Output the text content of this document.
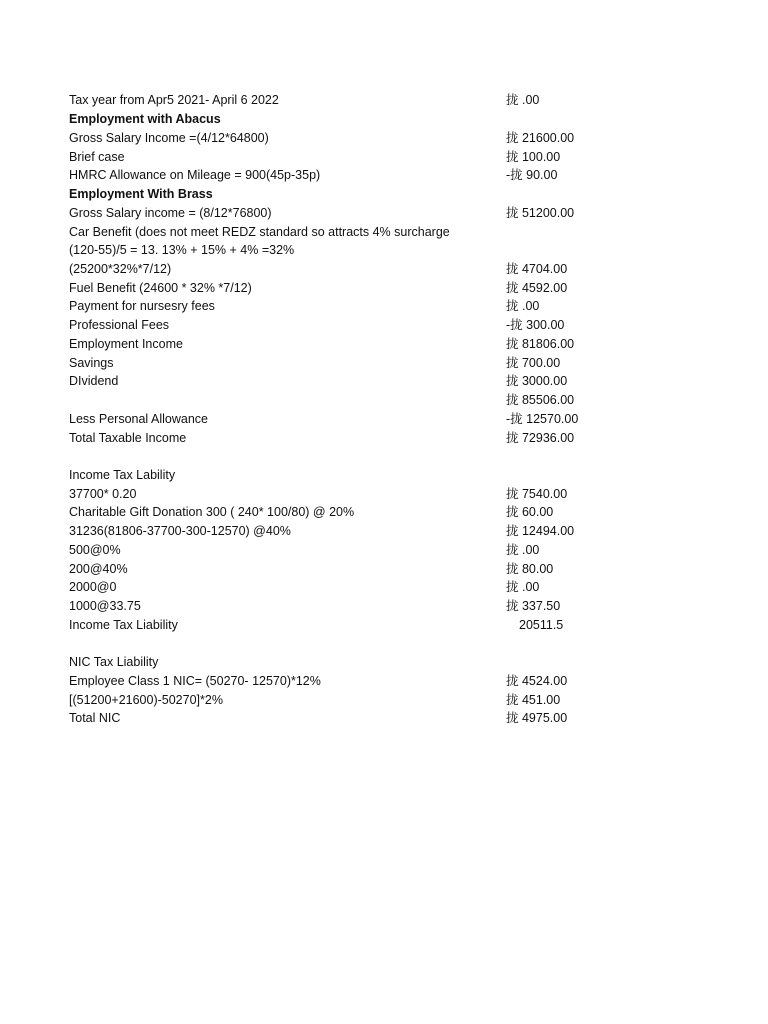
Tax year from Apr5 2021- April 6 2022	拢 .00
Employment with Abacus
Gross Salary Income =(4/12*64800)	拢 21600.00
Brief case	拢 100.00
HMRC Allowance on Mileage = 900(45p-35p)	-拢 90.00
Employment With Brass
Gross Salary income = (8/12*76800)	拢 51200.00
Car Benefit (does not meet REDZ standard so attracts 4% surcharge
(120-55)/5 = 13. 13% + 15% + 4% =32%
(25200*32%*7/12)	拢 4704.00
Fuel Benefit (24600 * 32% *7/12)	拢 4592.00
Payment for nursesry fees	拢 .00
Professional Fees	-拢 300.00
Employment Income	拢 81806.00
Savings	拢 700.00
DIvidend	拢 3000.00
拢 85506.00
Less Personal Allowance	-拢 12570.00
Total Taxable Income	拢 72936.00
Income Tax Lability
37700* 0.20	拢 7540.00
Charitable Gift Donation 300 ( 240* 100/80) @ 20%	拢 60.00
31236(81806-37700-300-12570) @40%	拢 12494.00
500@0%	拢 .00
200@40%	拢 80.00
2000@0	拢 .00
1000@33.75	拢 337.50
Income Tax Liability	20511.5
NIC Tax Liability
Employee Class 1 NIC= (50270- 12570)*12%	拢 4524.00
[(51200+21600)-50270]*2%	拢 451.00
Total NIC	拢 4975.00
